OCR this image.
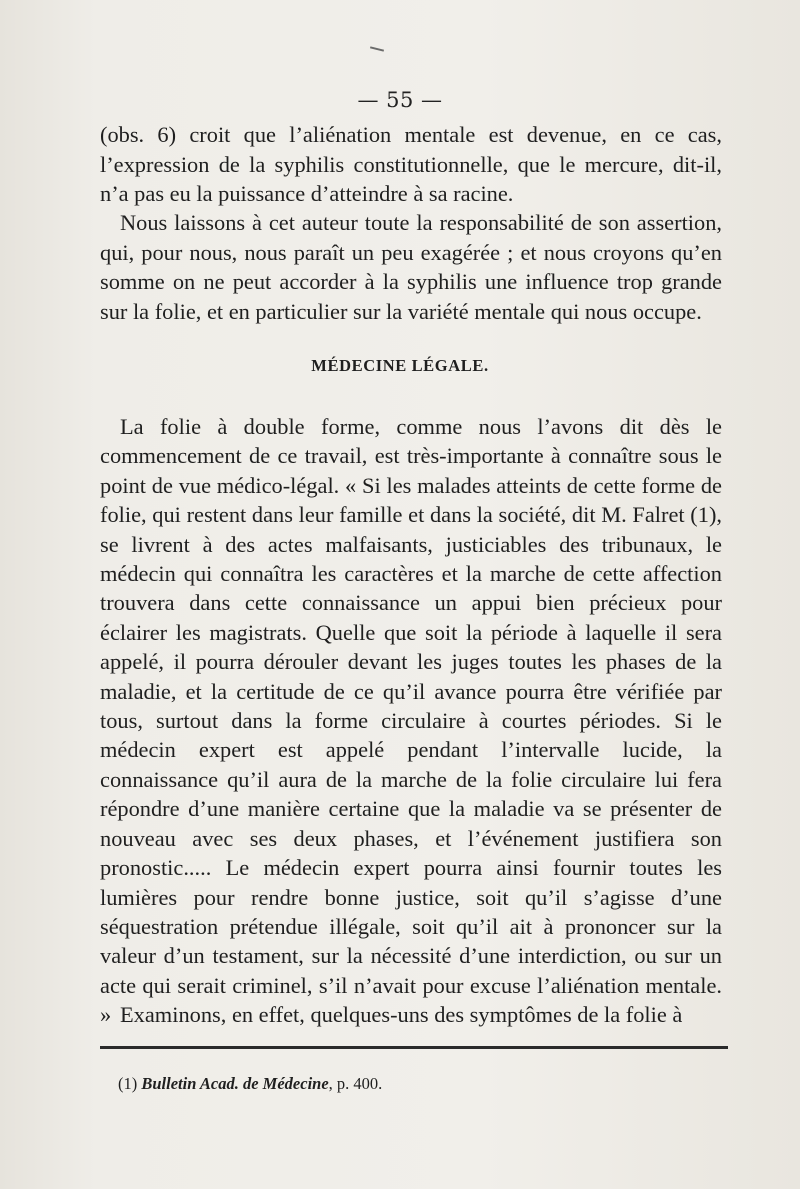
— 55 —

(obs. 6) croit que l’aliénation mentale est devenue, en ce cas, l’expression de la syphilis constitutionnelle, que le mercure, dit-il, n’a pas eu la puissance d’atteindre à sa racine.

Nous laissons à cet auteur toute la responsabilité de son assertion, qui, pour nous, nous paraît un peu exagérée ; et nous croyons qu’en somme on ne peut accorder à la syphilis une influence trop grande sur la folie, et en particulier sur la variété mentale qui nous occupe.

MÉDECINE LÉGALE.

La folie à double forme, comme nous l’avons dit dès le commencement de ce travail, est très-importante à connaître sous le point de vue médico-légal. « Si les malades atteints de cette forme de folie, qui restent dans leur famille et dans la société, dit M. Falret (1), se livrent à des actes malfaisants, justiciables des tribunaux, le médecin qui connaîtra les caractères et la marche de cette affection trouvera dans cette connaissance un appui bien précieux pour éclairer les magistrats. Quelle que soit la période à laquelle il sera appelé, il pourra dérouler devant les juges toutes les phases de la maladie, et la certitude de ce qu’il avance pourra être vérifiée par tous, surtout dans la forme circulaire à courtes périodes. Si le médecin expert est appelé pendant l’intervalle lucide, la connaissance qu’il aura de la marche de la folie circulaire lui fera répondre d’une manière certaine que la maladie va se présenter de nouveau avec ses deux phases, et l’événement justifiera son pronostic..... Le médecin expert pourra ainsi fournir toutes les lumières pour rendre bonne justice, soit qu’il s’agisse d’une séquestration prétendue illégale, soit qu’il ait à prononcer sur la valeur d’un testament, sur la nécessité d’une interdiction, ou sur un acte qui serait criminel, s’il n’avait pour excuse l’aliénation mentale. » Examinons, en effet, quelques-uns des symptômes de la folie à

(1) Bulletin Acad. de Médecine, p. 400.
